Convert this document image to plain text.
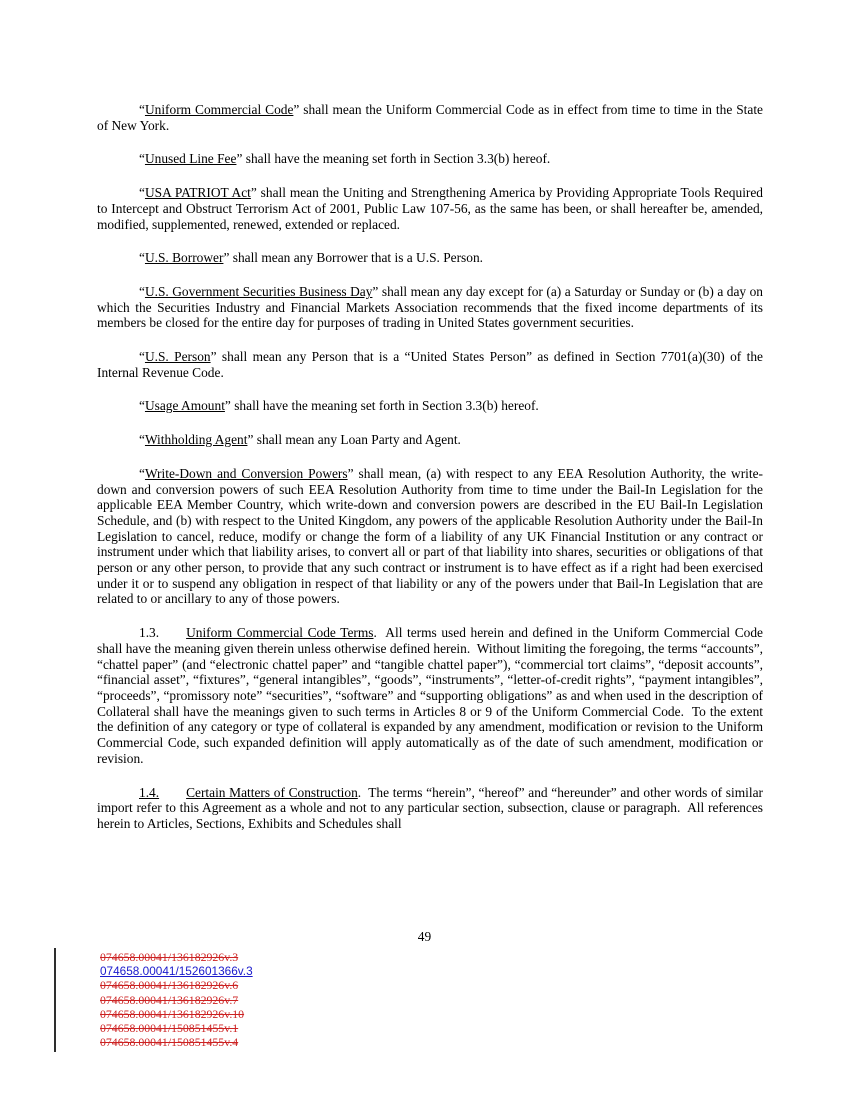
“Uniform Commercial Code” shall mean the Uniform Commercial Code as in effect from time to time in the State of New York.

“Unused Line Fee” shall have the meaning set forth in Section 3.3(b) hereof.

“USA PATRIOT Act” shall mean the Uniting and Strengthening America by Providing Appropriate Tools Required to Intercept and Obstruct Terrorism Act of 2001, Public Law 107-56, as the same has been, or shall hereafter be, amended, modified, supplemented, renewed, extended or replaced.

“U.S. Borrower” shall mean any Borrower that is a U.S. Person.

“U.S. Government Securities Business Day” shall mean any day except for (a) a Saturday or Sunday or (b) a day on which the Securities Industry and Financial Markets Association recommends that the fixed income departments of its members be closed for the entire day for purposes of trading in United States government securities.

“U.S. Person” shall mean any Person that is a “United States Person” as defined in Section 7701(a)(30) of the Internal Revenue Code.

“Usage Amount” shall have the meaning set forth in Section 3.3(b) hereof.

“Withholding Agent” shall mean any Loan Party and Agent.

“Write-Down and Conversion Powers” shall mean, (a) with respect to any EEA Resolution Authority, the write-down and conversion powers of such EEA Resolution Authority from time to time under the Bail-In Legislation for the applicable EEA Member Country, which write-down and conversion powers are described in the EU Bail-In Legislation Schedule, and (b) with respect to the United Kingdom, any powers of the applicable Resolution Authority under the Bail-In Legislation to cancel, reduce, modify or change the form of a liability of any UK Financial Institution or any contract or instrument under which that liability arises, to convert all or part of that liability into shares, securities or obligations of that person or any other person, to provide that any such contract or instrument is to have effect as if a right had been exercised under it or to suspend any obligation in respect of that liability or any of the powers under that Bail-In Legislation that are related to or ancillary to any of those powers.

1.3. Uniform Commercial Code Terms.  All terms used herein and defined in the Uniform Commercial Code shall have the meaning given therein unless otherwise defined herein.  Without limiting the foregoing, the terms “accounts”, “chattel paper” (and “electronic chattel paper” and “tangible chattel paper”), “commercial tort claims”, “deposit accounts”, “financial asset”, “fixtures”, “general intangibles”, “goods”, “instruments”, “letter-of-credit rights”, “payment intangibles”, “proceeds”, “promissory note” “securities”, “software” and “supporting obligations” as and when used in the description of Collateral shall have the meanings given to such terms in Articles 8 or 9 of the Uniform Commercial Code.  To the extent the definition of any category or type of collateral is expanded by any amendment, modification or revision to the Uniform Commercial Code, such expanded definition will apply automatically as of the date of such amendment, modification or revision.

1.4. Certain Matters of Construction.  The terms “herein”, “hereof” and “hereunder” and other words of similar import refer to this Agreement as a whole and not to any particular section, subsection, clause or paragraph.  All references herein to Articles, Sections, Exhibits and Schedules shall

49
074658.00041/136182926v.3
074658.00041/152601366v.3
074658.00041/136182926v.6
074658.00041/136182926v.7
074658.00041/136182926v.10
074658.00041/150851455v.1
074658.00041/150851455v.4
